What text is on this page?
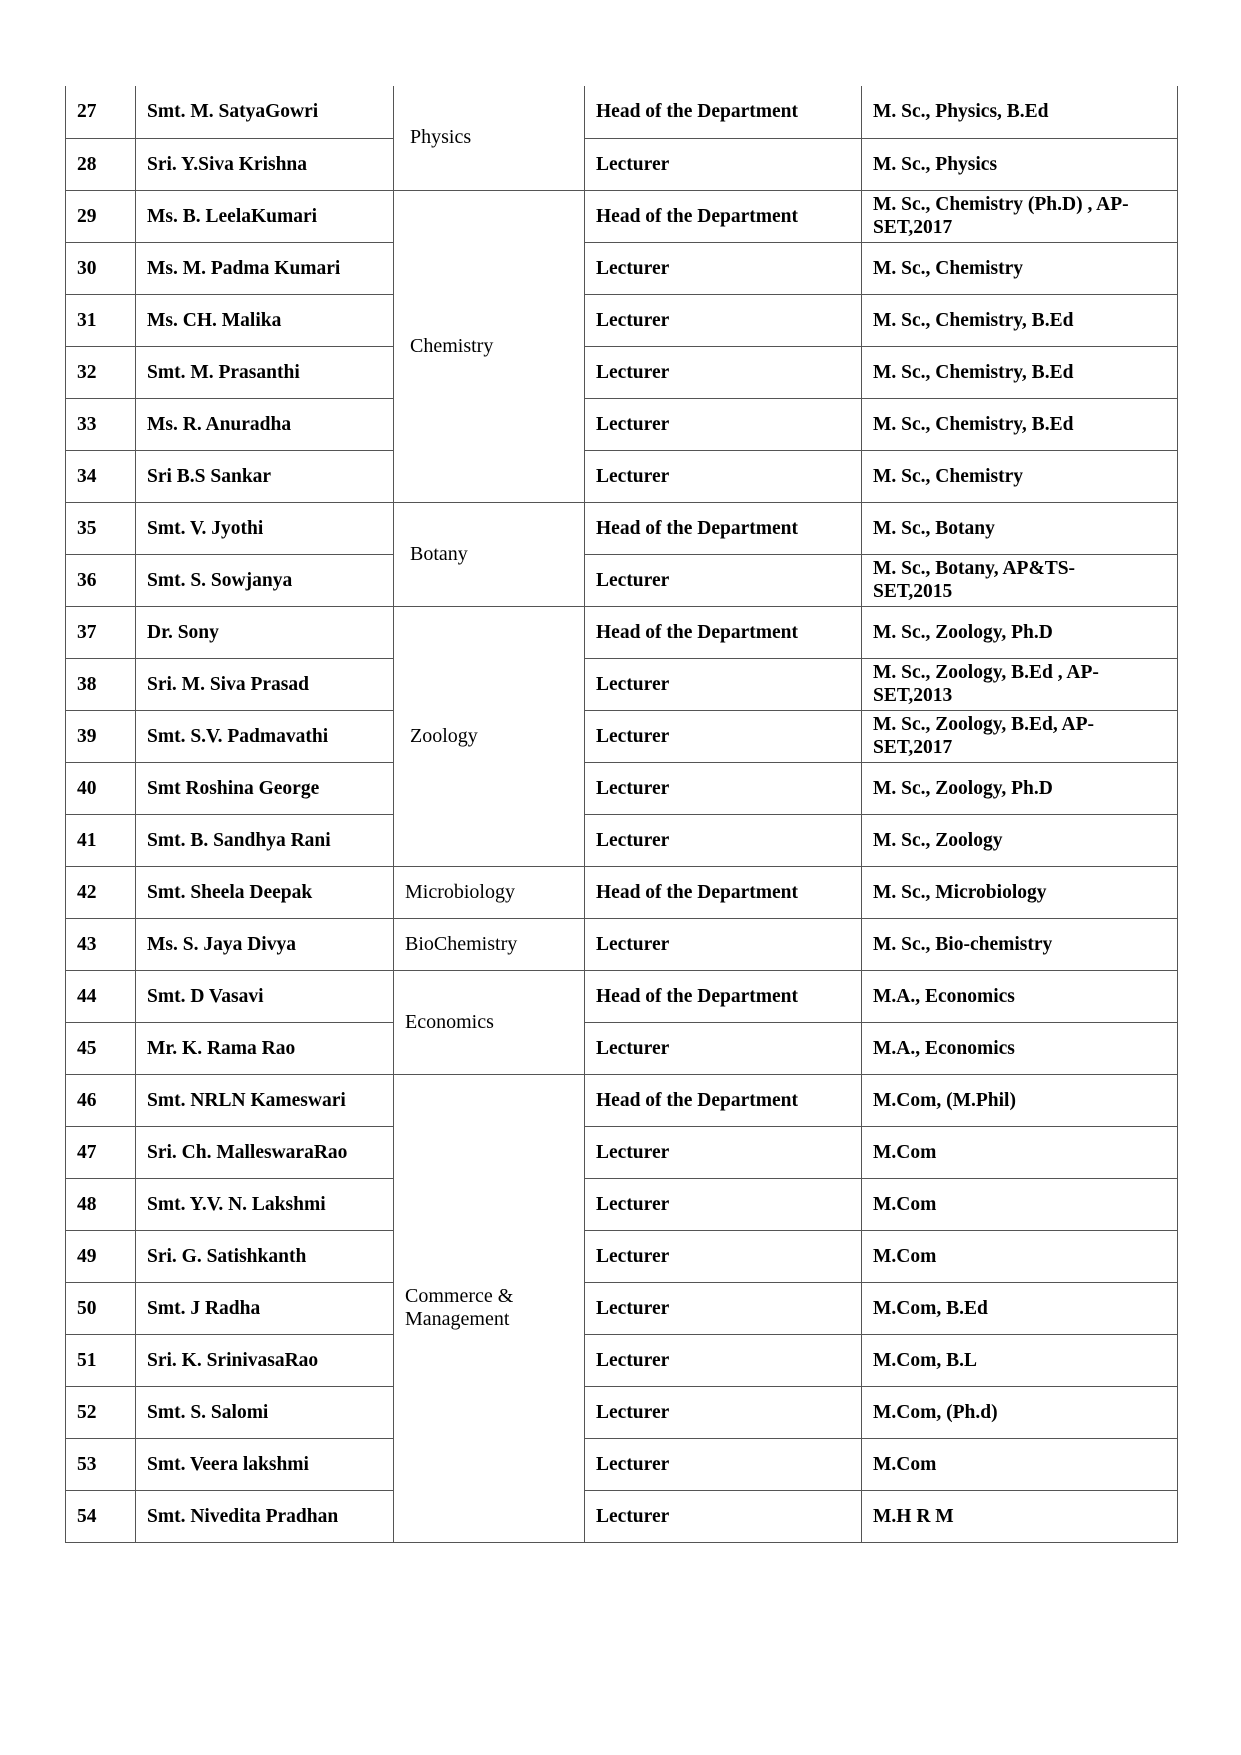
27	Smt. M. SatyaGowri	Physics	Head of the Department	M. Sc., Physics, B.Ed
28	Sri. Y.Siva Krishna		Lecturer	M. Sc., Physics
29	Ms. B. LeelaKumari	Chemistry	Head of the Department	M. Sc., Chemistry (Ph.D) , AP-SET,2017
30	Ms. M. Padma Kumari		Lecturer	M. Sc., Chemistry
31	Ms. CH. Malika		Lecturer	M. Sc., Chemistry, B.Ed
32	Smt. M. Prasanthi		Lecturer	M. Sc., Chemistry, B.Ed
33	Ms. R. Anuradha		Lecturer	M. Sc., Chemistry, B.Ed
34	Sri B.S Sankar		Lecturer	M. Sc., Chemistry
35	Smt. V. Jyothi	Botany	Head of the Department	M. Sc., Botany
36	Smt. S. Sowjanya		Lecturer	M. Sc., Botany, AP&TS-SET,2015
37	Dr. Sony	Zoology	Head of the Department	M. Sc., Zoology, Ph.D
38	Sri. M. Siva Prasad		Lecturer	M. Sc., Zoology, B.Ed , AP-SET,2013
39	Smt. S.V. Padmavathi		Lecturer	M. Sc., Zoology, B.Ed, AP-SET,2017
40	Smt Roshina George		Lecturer	M. Sc., Zoology, Ph.D
41	Smt. B. Sandhya Rani		Lecturer	M. Sc., Zoology
42	Smt. Sheela Deepak	Microbiology	Head of the Department	M. Sc., Microbiology
43	Ms. S. Jaya Divya	BioChemistry	Lecturer	M. Sc., Bio-chemistry
44	Smt. D Vasavi	Economics	Head of the Department	M.A., Economics
45	Mr. K. Rama Rao		Lecturer	M.A., Economics
46	Smt. NRLN Kameswari	Commerce & Management	Head of the Department	M.Com, (M.Phil)
47	Sri. Ch. MalleswaraRao		Lecturer	M.Com
48	Smt. Y.V. N. Lakshmi		Lecturer	M.Com
49	Sri. G. Satishkanth		Lecturer	M.Com
50	Smt. J Radha		Lecturer	M.Com, B.Ed
51	Sri. K. SrinivasaRao		Lecturer	M.Com, B.L
52	Smt. S. Salomi		Lecturer	M.Com, (Ph.d)
53	Smt. Veera lakshmi		Lecturer	M.Com
54	Smt. Nivedita Pradhan		Lecturer	M.H R M
